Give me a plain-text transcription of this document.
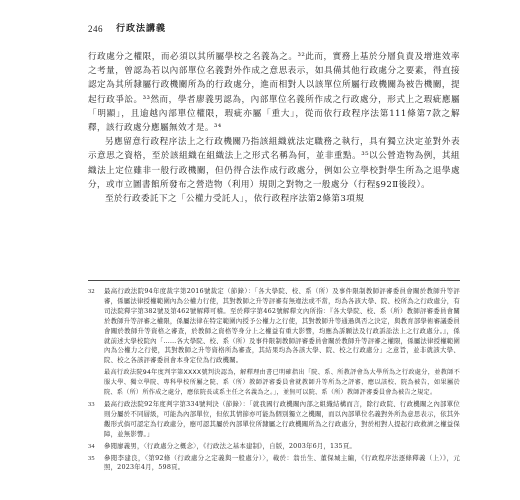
246 行政法講義

行政處分之權限，而必須以其所屬學校之名義為之。³²此而，實務上基於分層負責及增進效率之考量，曾認為若以內部單位名義對外作成之意思表示，如具備其他行政處分之要素，得直接認定為其所隸屬行政機關所為的行政處分，進而相對人以該單位所屬行政機關為被告機關，提起行政爭訟。³³然而，學者廖義男認為，內部單位名義所作成之行政處分，形式上之瑕疵應屬「明顯」，且逾越內部單位權限，瑕疵亦屬「重大」，從而依行政程序法第111條第7款之解釋，該行政處分應屬無效才是。³⁴

另應留意行政程序法上之行政機關乃指該組織就法定職務之執行，具有獨立決定並對外表示意思之資格，至於該組織在組織法上之形式名稱為何，並非重點。³⁵以公營造物為例，其組織法上定位雖非一般行政機關，但仍得合法作成行政處分，例如公立學校對學生所為之退學處分，或市立圖書館所發布之營造物（利用）規則之對物之一般處分（行程§92Ⅱ後段）。

至於行政委託下之「公權力受託人」，依行政程序法第2條第3項規

32 最高行政法院94年度裁字第2016號裁定（節錄）：「各大學院、校、系（所）及事件限制教師評審委員會關於教師升等評審，係屬法律授權範圍內為公權力行使，其對教師之升等評審有無違法或不當，均為各該大學、院、校所為之行政處分，有司法院釋字第382號及第462號解釋可稽。至於釋字第462號解釋文內所指：『各大學院、校、系（所）教師評審委員會關於教師升等評審之權限，係屬法律在特定範圍內授予公權力之行使，其對教師升等通過與否之決定，與教育部學術審議委員會關於教師升等資格之審查，於教師之資格等身分上之權益有重大影響，均應為訴願法及行政訴訟法上之行政處分。』，係就前述大學校院內「……各大學院、校、系（所）及事件限制教師評審委員會關於教師升等評審之權限，係屬法律授權範圍內為公權力之行使，其對教師之升等資格所為審查，其結果均為各該大學、院、校之行政處分」之意旨，並非就該大學、院、校之各該評審委員會本身定位為行政機關。

最高行政法院94年度判字第XXXX號判決認為，解釋理由書已明確指出「院、系、所教評會為大學所為之行政處分，並教師不服大學、獨立學院、專科學校所屬之院、系（所）教師評審委員會就教師升等所為之評審，應以該校、院為被告，如果屬於院、系（所）所作成之處分，應依院長或系主任之名義為之。」，並無可以院、系（所）教師評審委員會為被告之規定。

33 最高行政法院92年度判字第334號判決（節錄）：「就我國行政機關內部之組織結構而言，除行政院、行政機關之內部單位則分屬於不同層級，可能為內部單位，但依其情節亦可能為個別獨立之機關，而以內部單位名義對外所為意思表示，依其外觀形式倘可認定為行政處分，應可認其屬於內部單位所隸屬之行政機關所為之行政處分，對於相對人提起行政救濟之權益保障，並無影響。」

34 參閱廖義男，〈行政處分之概念〉，《行政法之基本建制》，自版，2003年6月，135頁。

35 參閱李建良，〈第92條（行政處分之定義與一般處分）〉，載於：翁岳生、董保城主編，《行政程序法逐條釋義（上）》，元照，2023年4月，598頁。
